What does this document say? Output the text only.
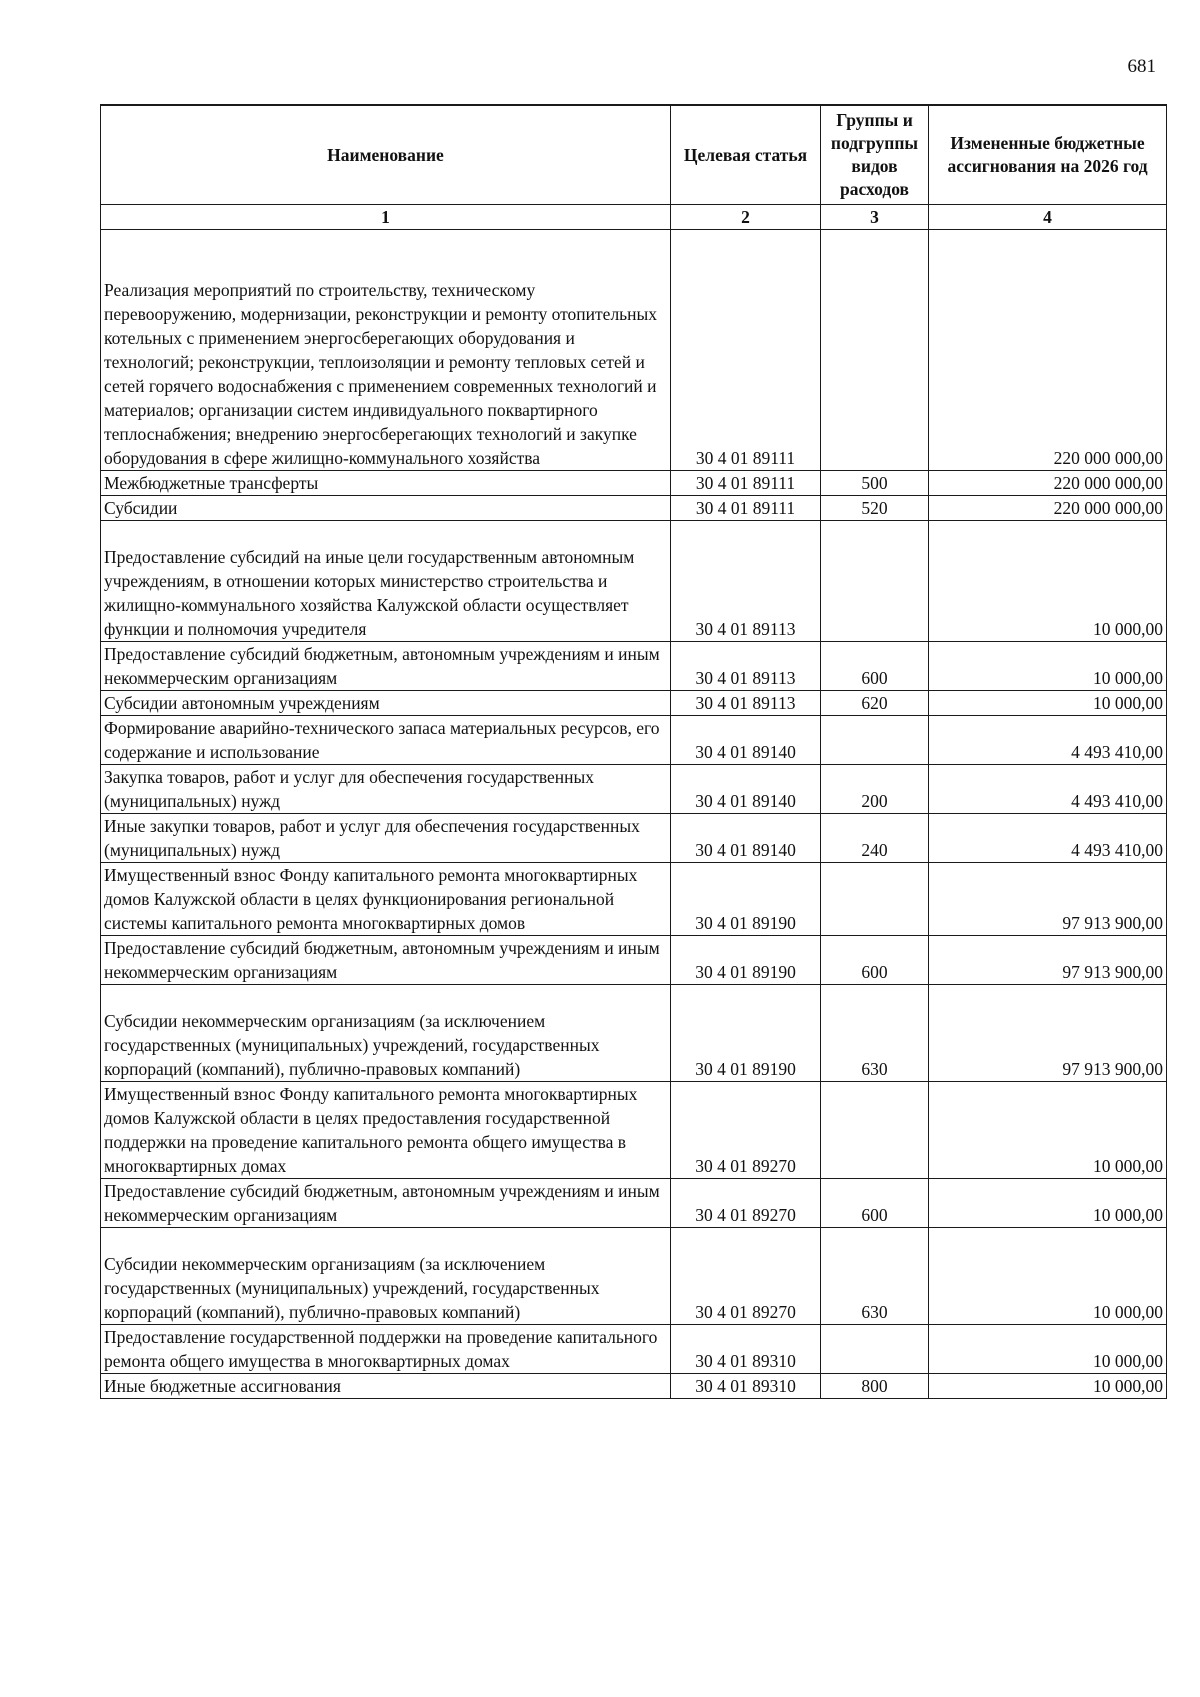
681
Наименование	Целевая статья	Группы и подгруппы видов расходов	Измененные бюджетные ассигнования на 2026 год
1	2	3	4

Реализация мероприятий по строительству, техническому перевооружению, модернизации, реконструкции и ремонту отопительных котельных с применением энергосберегающих оборудования и технологий; реконструкции, теплоизоляции и ремонту тепловых сетей и сетей горячего водоснабжения с применением современных технологий и материалов; организации систем индивидуального поквартирного теплоснабжения; внедрению энергосберегающих технологий и закупке оборудования в сфере жилищно-коммунального хозяйства	30 4 01 89111		220 000 000,00
Межбюджетные трансферты	30 4 01 89111	500	220 000 000,00
Субсидии	30 4 01 89111	520	220 000 000,00

Предоставление субсидий на иные цели государственным автономным учреждениям, в отношении которых министерство строительства и жилищно-коммунального хозяйства Калужской области осуществляет функции и полномочия учредителя	30 4 01 89113		10 000,00
Предоставление субсидий бюджетным, автономным учреждениям и иным некоммерческим организациям	30 4 01 89113	600	10 000,00
Субсидии автономным учреждениям	30 4 01 89113	620	10 000,00
Формирование аварийно-технического запаса материальных ресурсов, его содержание и использование	30 4 01 89140		4 493 410,00
Закупка товаров, работ и услуг для обеспечения государственных (муниципальных) нужд	30 4 01 89140	200	4 493 410,00
Иные закупки товаров, работ и услуг для обеспечения государственных (муниципальных) нужд	30 4 01 89140	240	4 493 410,00
Имущественный взнос Фонду капитального ремонта многоквартирных домов Калужской области в целях функционирования региональной системы капитального ремонта многоквартирных домов	30 4 01 89190		97 913 900,00
Предоставление субсидий бюджетным, автономным учреждениям и иным некоммерческим организациям	30 4 01 89190	600	97 913 900,00

Субсидии некоммерческим организациям (за исключением государственных (муниципальных) учреждений, государственных корпораций (компаний), публично-правовых компаний)	30 4 01 89190	630	97 913 900,00
Имущественный взнос Фонду капитального ремонта многоквартирных домов Калужской области в целях предоставления государственной поддержки на проведение капитального ремонта общего имущества в многоквартирных домах	30 4 01 89270		10 000,00
Предоставление субсидий бюджетным, автономным учреждениям и иным некоммерческим организациям	30 4 01 89270	600	10 000,00

Субсидии некоммерческим организациям (за исключением государственных (муниципальных) учреждений, государственных корпораций (компаний), публично-правовых компаний)	30 4 01 89270	630	10 000,00
Предоставление государственной поддержки на проведение капитального ремонта общего имущества в многоквартирных домах	30 4 01 89310		10 000,00
Иные бюджетные ассигнования	30 4 01 89310	800	10 000,00
